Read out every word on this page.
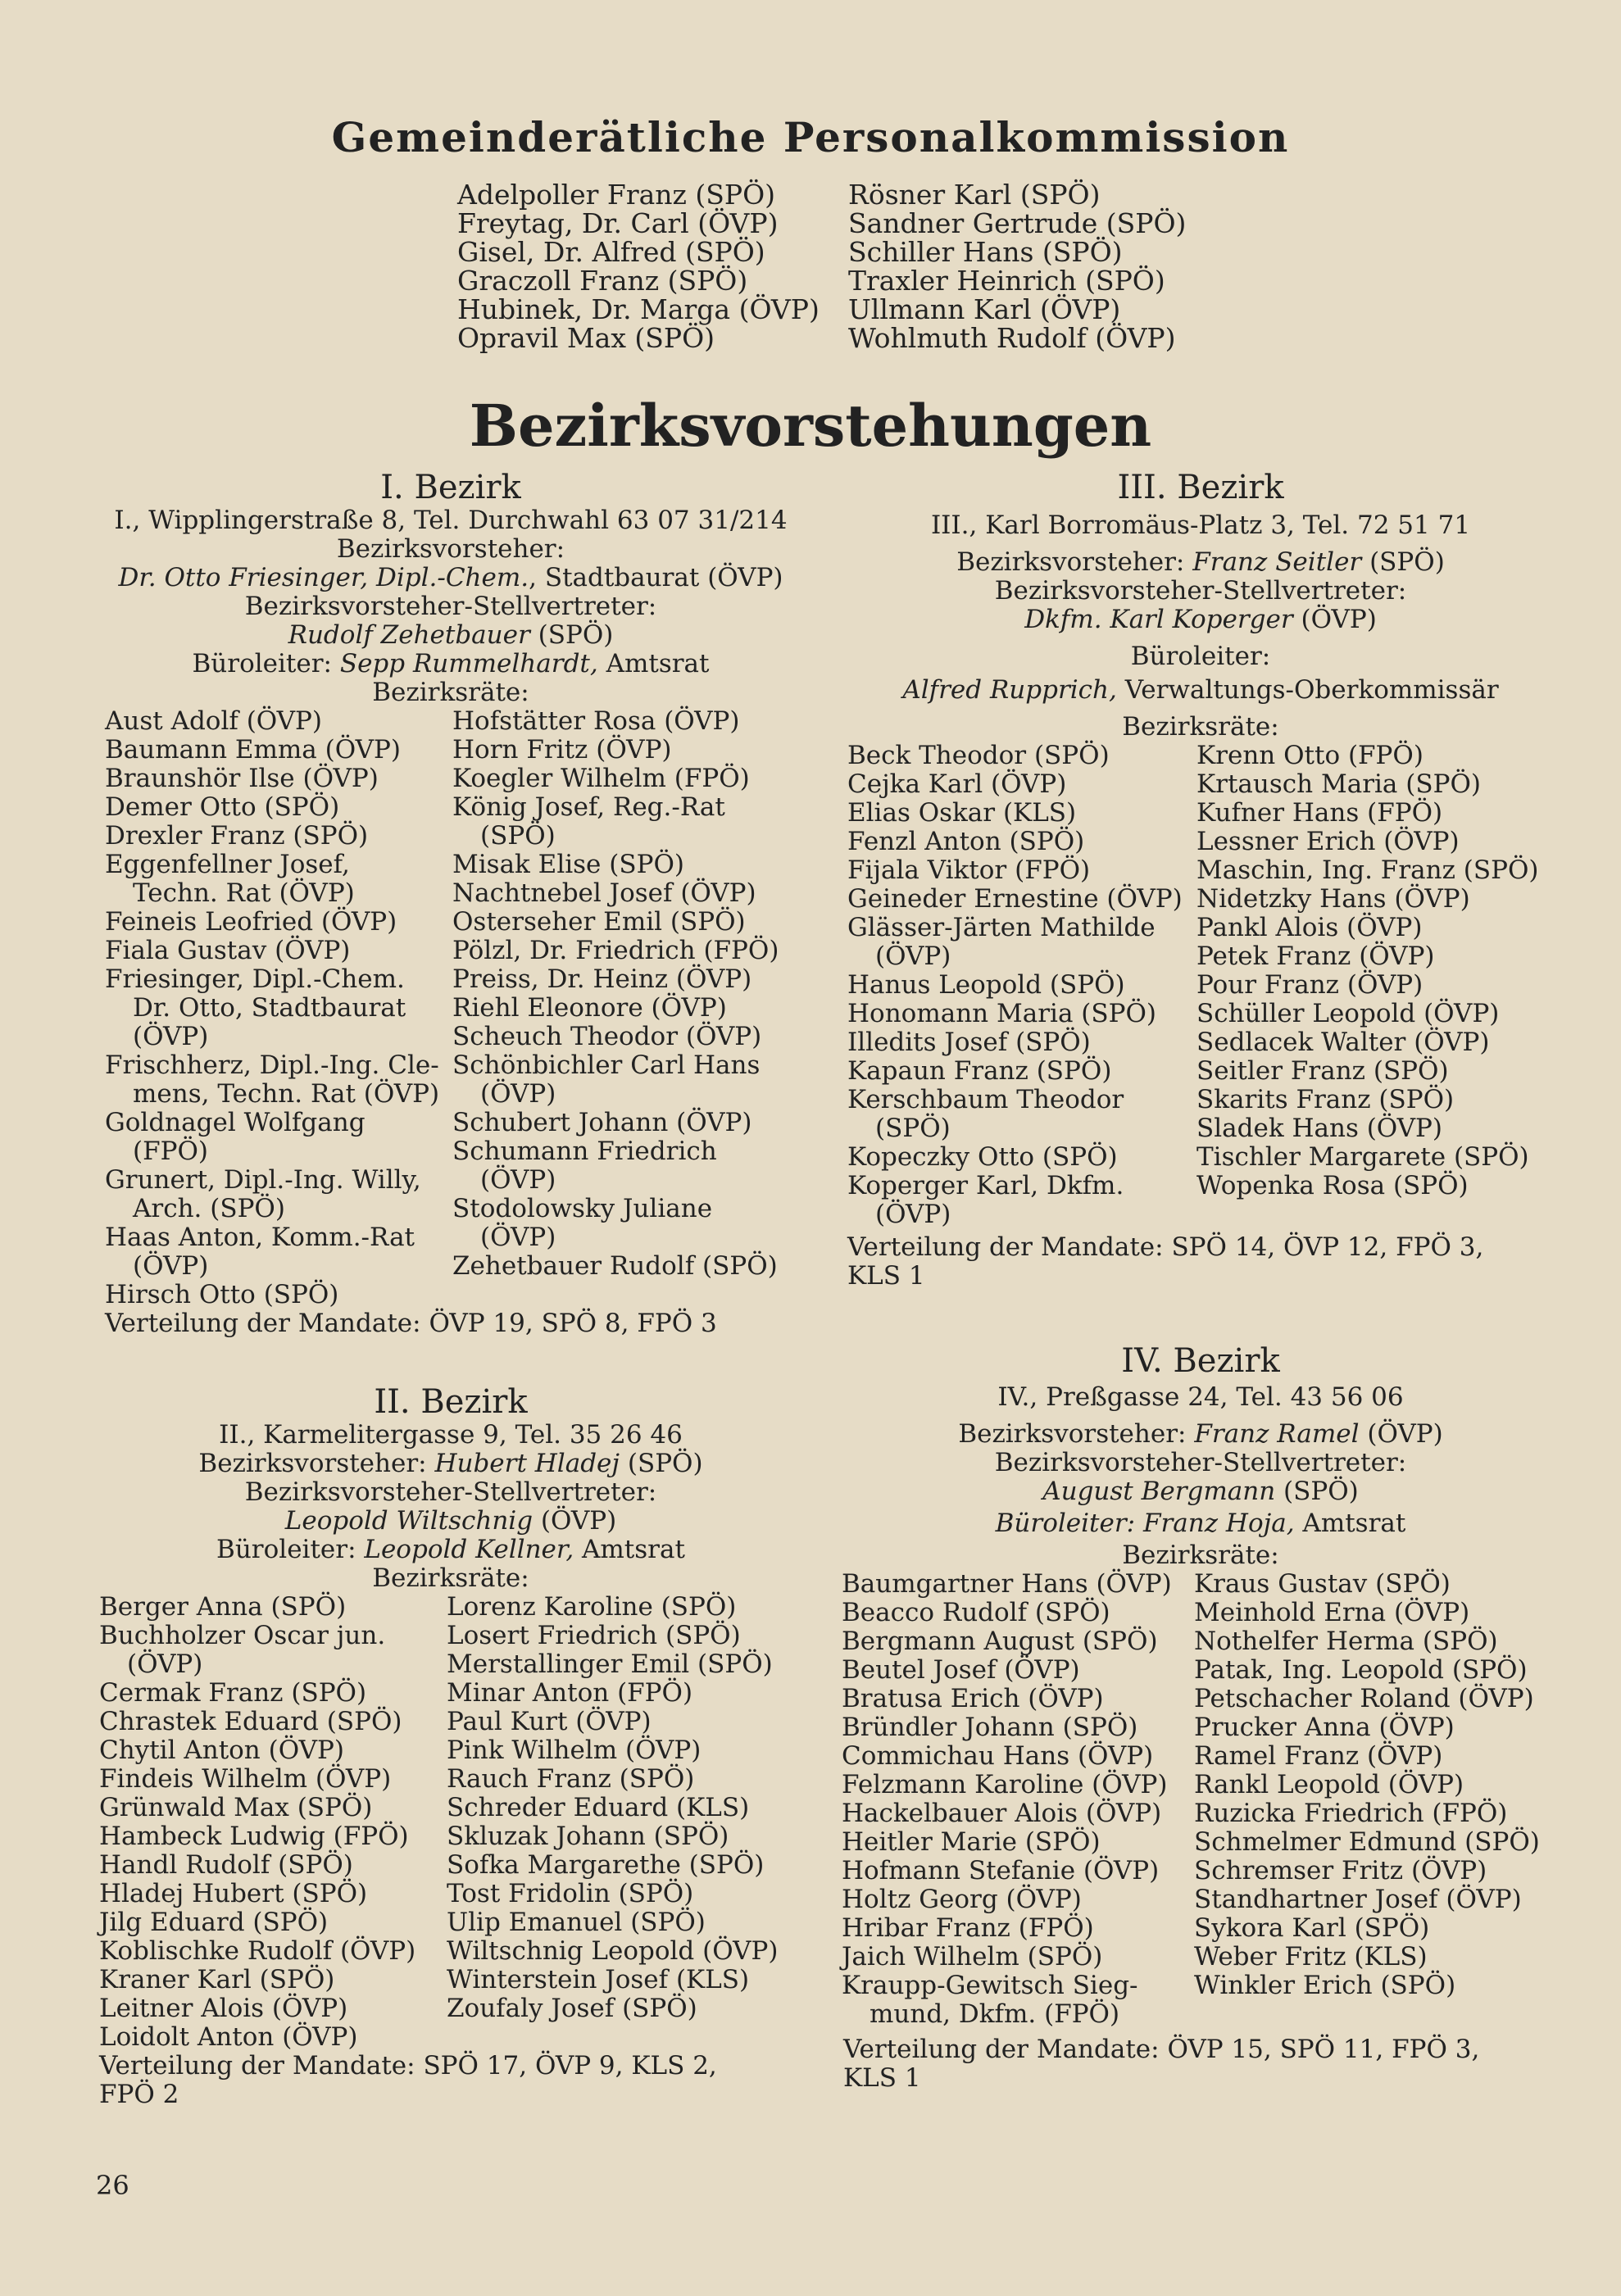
Gemeinderätliche Personalkommission
Adelpoller Franz (SPÖ)
Freytag, Dr. Carl (ÖVP)
Gisel, Dr. Alfred (SPÖ)
Graczoll Franz (SPÖ)
Hubinek, Dr. Marga (ÖVP)
Opravil Max (SPÖ)
Rösner Karl (SPÖ)
Sandner Gertrude (SPÖ)
Schiller Hans (SPÖ)
Traxler Heinrich (SPÖ)
Ullmann Karl (ÖVP)
Wohlmuth Rudolf (ÖVP)
Bezirksvorstehungen
I. Bezirk
I., Wipplingerstraße 8, Tel. Durchwahl 63 07 31/214
Bezirksvorsteher:
Dr. Otto Friesinger, Dipl.-Chem., Stadtbaurat (ÖVP)
Bezirksvorsteher-Stellvertreter:
Rudolf Zehetbauer (SPÖ)
Büroleiter: Sepp Rummelhardt, Amtsrat
Bezirksräte:
Aust Adolf (ÖVP)
Baumann Emma (ÖVP)
Braunshör Ilse (ÖVP)
Demer Otto (SPÖ)
Drexler Franz (SPÖ)
Eggenfellner Josef,
Techn. Rat (ÖVP)
Feineis Leofried (ÖVP)
Fiala Gustav (ÖVP)
Friesinger, Dipl.-Chem.
Dr. Otto, Stadtbaurat
(ÖVP)
Frischherz, Dipl.-Ing. Cle-
mens, Techn. Rat (ÖVP)
Goldnagel Wolfgang
(FPÖ)
Grunert, Dipl.-Ing. Willy,
Arch. (SPÖ)
Haas Anton, Komm.-Rat
(ÖVP)
Hirsch Otto (SPÖ)
Hofstätter Rosa (ÖVP)
Horn Fritz (ÖVP)
Koegler Wilhelm (FPÖ)
König Josef, Reg.-Rat
(SPÖ)
Misak Elise (SPÖ)
Nachtnebel Josef (ÖVP)
Osterseher Emil (SPÖ)
Pölzl, Dr. Friedrich (FPÖ)
Preiss, Dr. Heinz (ÖVP)
Riehl Eleonore (ÖVP)
Scheuch Theodor (ÖVP)
Schönbichler Carl Hans
(ÖVP)
Schubert Johann (ÖVP)
Schumann Friedrich
(ÖVP)
Stodolowsky Juliane
(ÖVP)
Zehetbauer Rudolf (SPÖ)
Verteilung der Mandate: ÖVP 19, SPÖ 8, FPÖ 3
II. Bezirk
II., Karmelitergasse 9, Tel. 35 26 46
Bezirksvorsteher: Hubert Hladej (SPÖ)
Bezirksvorsteher-Stellvertreter:
Leopold Wiltschnig (ÖVP)
Büroleiter: Leopold Kellner, Amtsrat
Bezirksräte:
Berger Anna (SPÖ)
Buchholzer Oscar jun.
(ÖVP)
Cermak Franz (SPÖ)
Chrastek Eduard (SPÖ)
Chytil Anton (ÖVP)
Findeis Wilhelm (ÖVP)
Grünwald Max (SPÖ)
Hambeck Ludwig (FPÖ)
Handl Rudolf (SPÖ)
Hladej Hubert (SPÖ)
Jilg Eduard (SPÖ)
Koblischke Rudolf (ÖVP)
Kraner Karl (SPÖ)
Leitner Alois (ÖVP)
Loidolt Anton (ÖVP)
Lorenz Karoline (SPÖ)
Losert Friedrich (SPÖ)
Merstallinger Emil (SPÖ)
Minar Anton (FPÖ)
Paul Kurt (ÖVP)
Pink Wilhelm (ÖVP)
Rauch Franz (SPÖ)
Schreder Eduard (KLS)
Skluzak Johann (SPÖ)
Sofka Margarethe (SPÖ)
Tost Fridolin (SPÖ)
Ulip Emanuel (SPÖ)
Wiltschnig Leopold (ÖVP)
Winterstein Josef (KLS)
Zoufaly Josef (SPÖ)
Verteilung der Mandate: SPÖ 17, ÖVP 9, KLS 2,
FPÖ 2
III. Bezirk
III., Karl Borromäus-Platz 3, Tel. 72 51 71
Bezirksvorsteher: Franz Seitler (SPÖ)
Bezirksvorsteher-Stellvertreter:
Dkfm. Karl Koperger (ÖVP)
Büroleiter:
Alfred Rupprich, Verwaltungs-Oberkommissär
Bezirksräte:
Beck Theodor (SPÖ)
Cejka Karl (ÖVP)
Elias Oskar (KLS)
Fenzl Anton (SPÖ)
Fijala Viktor (FPÖ)
Geineder Ernestine (ÖVP)
Glässer-Järten Mathilde
(ÖVP)
Hanus Leopold (SPÖ)
Honomann Maria (SPÖ)
Illedits Josef (SPÖ)
Kapaun Franz (SPÖ)
Kerschbaum Theodor
(SPÖ)
Kopeczky Otto (SPÖ)
Koperger Karl, Dkfm.
(ÖVP)
Krenn Otto (FPÖ)
Krtausch Maria (SPÖ)
Kufner Hans (FPÖ)
Lessner Erich (ÖVP)
Maschin, Ing. Franz (SPÖ)
Nidetzky Hans (ÖVP)
Pankl Alois (ÖVP)
Petek Franz (ÖVP)
Pour Franz (ÖVP)
Schüller Leopold (ÖVP)
Sedlacek Walter (ÖVP)
Seitler Franz (SPÖ)
Skarits Franz (SPÖ)
Sladek Hans (ÖVP)
Tischler Margarete (SPÖ)
Wopenka Rosa (SPÖ)
Verteilung der Mandate: SPÖ 14, ÖVP 12, FPÖ 3,
KLS 1
IV. Bezirk
IV., Preßgasse 24, Tel. 43 56 06
Bezirksvorsteher: Franz Ramel (ÖVP)
Bezirksvorsteher-Stellvertreter:
August Bergmann (SPÖ)
Büroleiter: Franz Hoja, Amtsrat
Bezirksräte:
Baumgartner Hans (ÖVP)
Beacco Rudolf (SPÖ)
Bergmann August (SPÖ)
Beutel Josef (ÖVP)
Bratusa Erich (ÖVP)
Bründler Johann (SPÖ)
Commichau Hans (ÖVP)
Felzmann Karoline (ÖVP)
Hackelbauer Alois (ÖVP)
Heitler Marie (SPÖ)
Hofmann Stefanie (ÖVP)
Holtz Georg (ÖVP)
Hribar Franz (FPÖ)
Jaich Wilhelm (SPÖ)
Kraupp-Gewitsch Sieg-
mund, Dkfm. (FPÖ)
Kraus Gustav (SPÖ)
Meinhold Erna (ÖVP)
Nothelfer Herma (SPÖ)
Patak, Ing. Leopold (SPÖ)
Petschacher Roland (ÖVP)
Prucker Anna (ÖVP)
Ramel Franz (ÖVP)
Rankl Leopold (ÖVP)
Ruzicka Friedrich (FPÖ)
Schmelmer Edmund (SPÖ)
Schremser Fritz (ÖVP)
Standhartner Josef (ÖVP)
Sykora Karl (SPÖ)
Weber Fritz (KLS)
Winkler Erich (SPÖ)
Verteilung der Mandate: ÖVP 15, SPÖ 11, FPÖ 3,
KLS 1
26
